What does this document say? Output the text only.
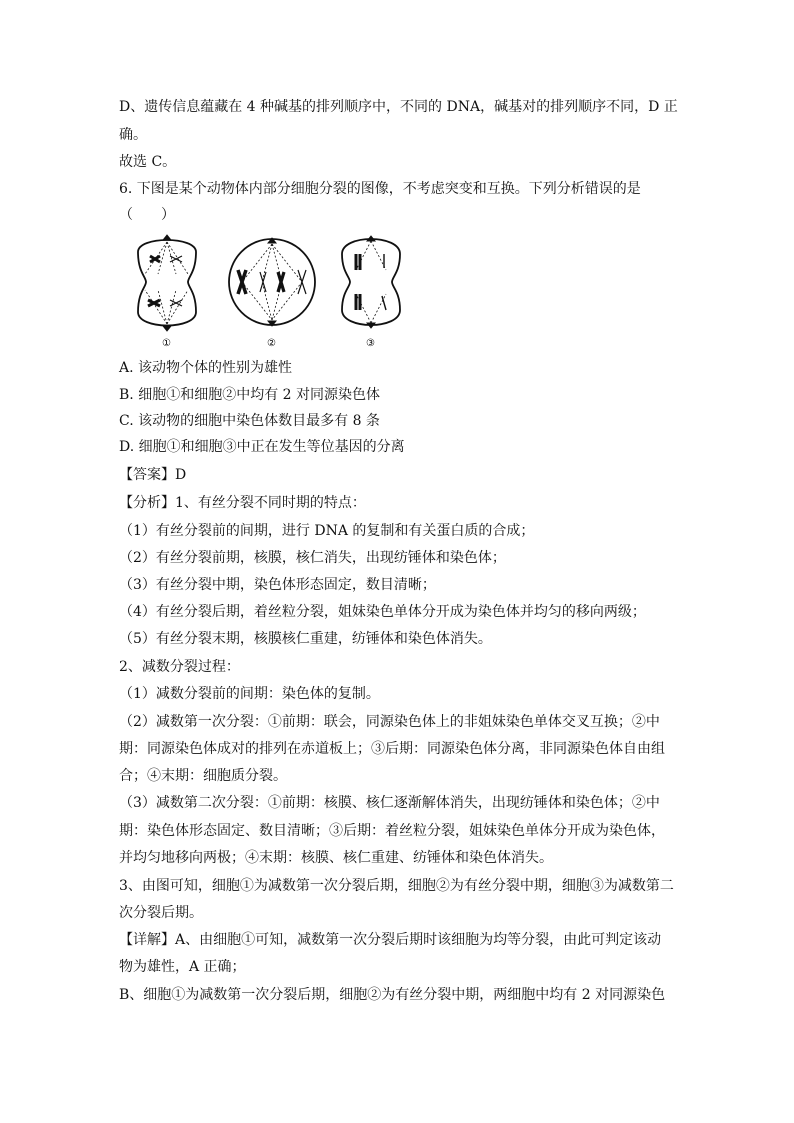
D、遗传信息蕴藏在 4 种碱基的排列顺序中，不同的 DNA，碱基对的排列顺序不同，D 正
确。
故选 C。
6. 下图是某个动物体内部分细胞分裂的图像，不考虑突变和互换。下列分析错误的是
（　　）
①	②	③
A. 该动物个体的性别为雄性
B. 细胞①和细胞②中均有 2 对同源染色体
C. 该动物的细胞中染色体数目最多有 8 条
D. 细胞①和细胞③中正在发生等位基因的分离
【答案】D
【分析】1、有丝分裂不同时期的特点：
（1）有丝分裂前的间期，进行 DNA 的复制和有关蛋白质的合成；
（2）有丝分裂前期，核膜，核仁消失，出现纺锤体和染色体；
（3）有丝分裂中期，染色体形态固定，数目清晰；
（4）有丝分裂后期，着丝粒分裂，姐妹染色单体分开成为染色体并均匀的移向两级；
（5）有丝分裂末期，核膜核仁重建，纺锤体和染色体消失。
2、减数分裂过程：
（1）减数分裂前的间期：染色体的复制。
（2）减数第一次分裂：①前期：联会，同源染色体上的非姐妹染色单体交叉互换；②中
期：同源染色体成对的排列在赤道板上；③后期：同源染色体分离，非同源染色体自由组
合；④末期：细胞质分裂。
（3）减数第二次分裂：①前期：核膜、核仁逐渐解体消失，出现纺锤体和染色体；②中
期：染色体形态固定、数目清晰；③后期：着丝粒分裂，姐妹染色单体分开成为染色体，
并均匀地移向两极；④末期：核膜、核仁重建、纺锤体和染色体消失。
3、由图可知，细胞①为减数第一次分裂后期，细胞②为有丝分裂中期，细胞③为减数第二
次分裂后期。
【详解】A、由细胞①可知，减数第一次分裂后期时该细胞为均等分裂，由此可判定该动
物为雄性，A 正确；
B、细胞①为减数第一次分裂后期，细胞②为有丝分裂中期，两细胞中均有 2 对同源染色
